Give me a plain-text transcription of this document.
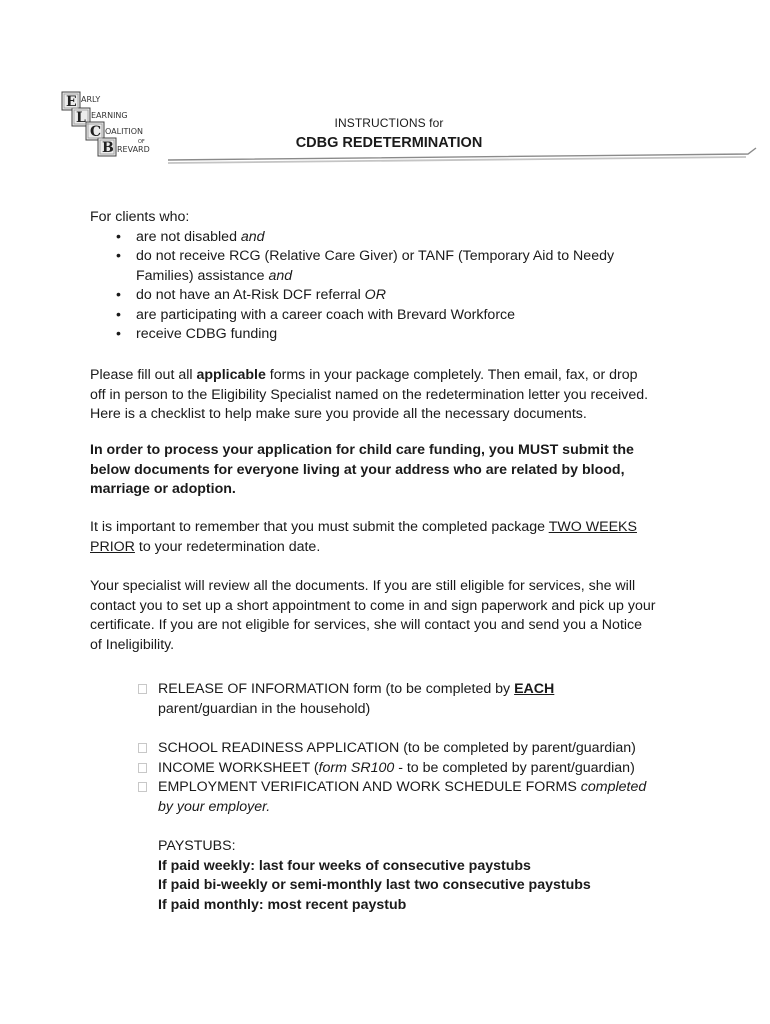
E
L
C
B
ARLY
EARNING
OALITION
OF
REVARD
INSTRUCTIONS for
CDBG REDETERMINATION
For clients who:
• are not disabled and
• do not receive RCG (Relative Care Giver) or TANF (Temporary Aid to Needy
Families) assistance and
• do not have an At-Risk DCF referral OR
• are participating with a career coach with Brevard Workforce
• receive CDBG funding

Please fill out all applicable forms in your package completely. Then email, fax, or drop
off in person to the Eligibility Specialist named on the redetermination letter you received.
Here is a checklist to help make sure you provide all the necessary documents.

In order to process your application for child care funding, you MUST submit the
below documents for everyone living at your address who are related by blood,
marriage or adoption.

It is important to remember that you must submit the completed package TWO WEEKS
PRIOR to your redetermination date.

Your specialist will review all the documents. If you are still eligible for services, she will
contact you to set up a short appointment to come in and sign paperwork and pick up your
certificate. If you are not eligible for services, she will contact you and send you a Notice
of Ineligibility.

RELEASE OF INFORMATION form (to be completed by EACH
parent/guardian in the household)
SCHOOL READINESS APPLICATION (to be completed by parent/guardian)
INCOME WORKSHEET (form SR100 - to be completed by parent/guardian)
EMPLOYMENT VERIFICATION AND WORK SCHEDULE FORMS completed
by your employer.
PAYSTUBS:
If paid weekly: last four weeks of consecutive paystubs
If paid bi-weekly or semi-monthly last two consecutive paystubs
If paid monthly: most recent paystub
